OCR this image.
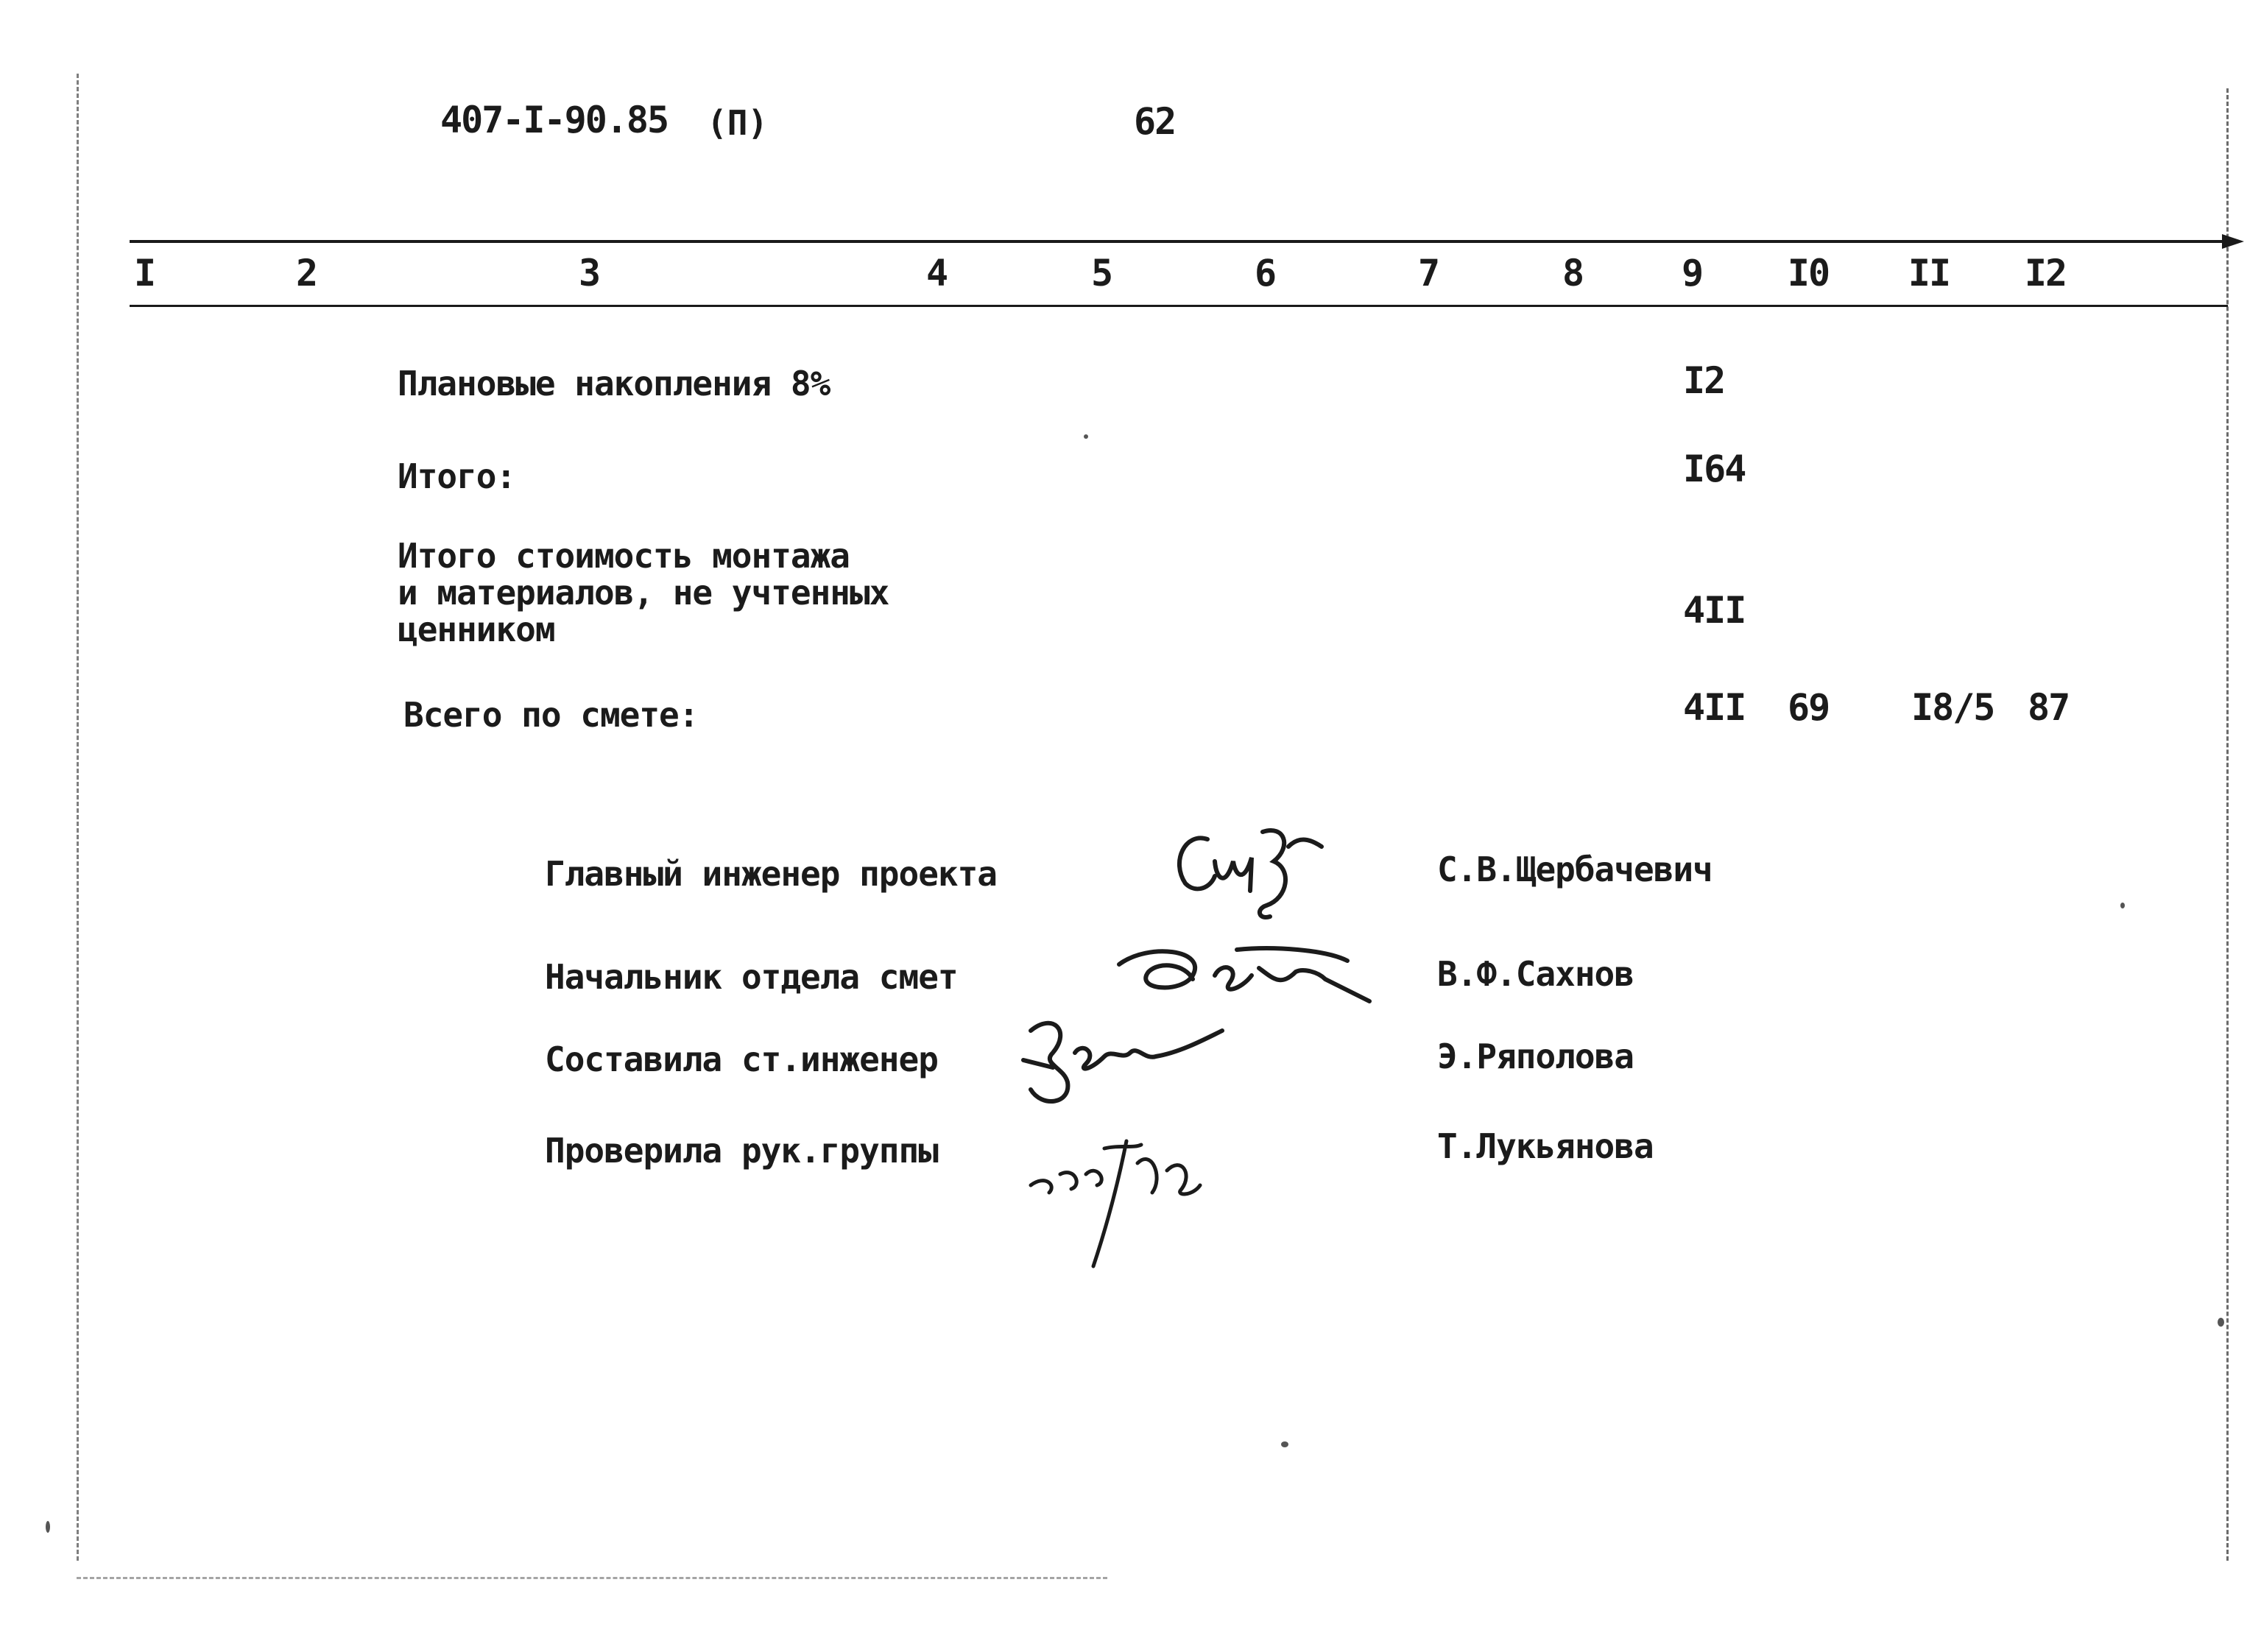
407-I-90.85 (П)	62
I	2	3	4	5	6	7	8	9	I0	II	I2
Плановые накопления 8%	I2
Итого:	I64
Итого стоимость монтажа
и материалов, не учтенных
ценником	4II
Всего по смете:	4II 69 I8/5 87
Главный инженер проекта	С.В.Щербачевич
Начальник отдела смет	В.Ф.Сахнов
Составила ст.инженер	Э.Ряполова
Проверила рук.группы	Т.Лукьянова
